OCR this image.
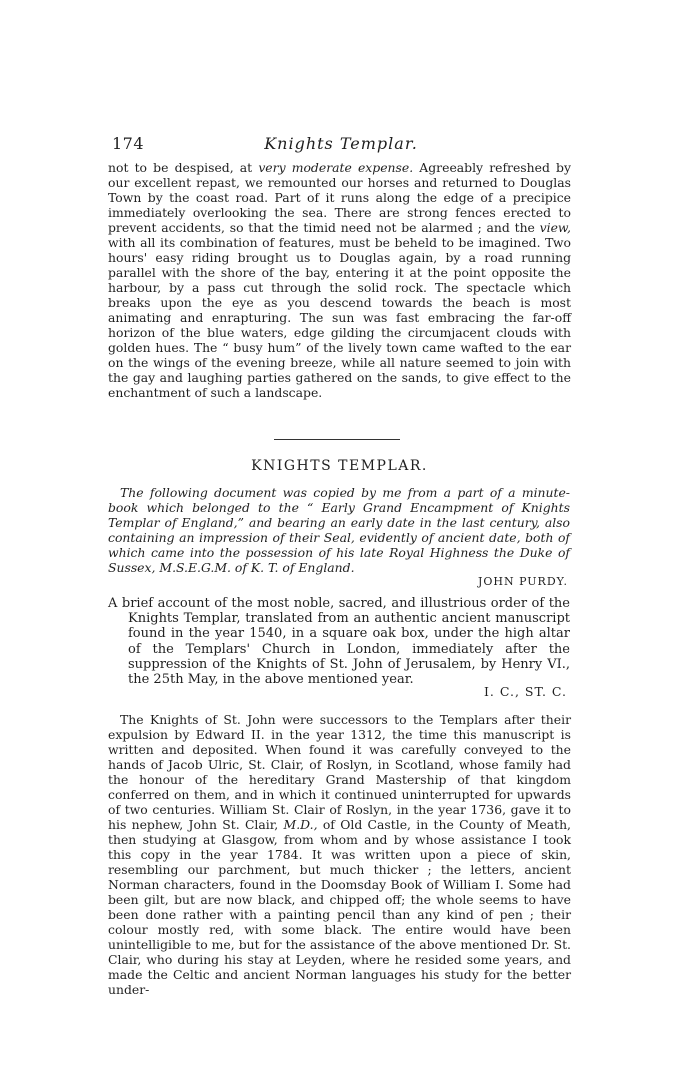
174	Knights Templar.

not to be despised, at very moderate expense. Agreeably refreshed by our excellent repast, we remounted our horses and returned to Douglas Town by the coast road. Part of it runs along the edge of a precipice immediately overlooking the sea. There are strong fences erected to prevent accidents, so that the timid need not be alarmed ; and the view, with all its combination of features, must be beheld to be imagined. Two hours' easy riding brought us to Douglas again, by a road running parallel with the shore of the bay, entering it at the point opposite the harbour, by a pass cut through the solid rock. The spectacle which breaks upon the eye as you descend towards the beach is most animating and enrapturing. The sun was fast embracing the far-off horizon of the blue waters, edge gilding the circumjacent clouds with golden hues. The “ busy hum” of the lively town came wafted to the ear on the wings of the evening breeze, while all nature seemed to join with the gay and laughing parties gathered on the sands, to give effect to the enchantment of such a landscape.

KNIGHTS TEMPLAR.

The following document was copied by me from a part of a minute-book which belonged to the “ Early Grand Encampment of Knights Templar of England,” and bearing an early date in the last century, also containing an impression of their Seal, evidently of ancient date, both of which came into the possession of his late Royal Highness the Duke of Sussex, M.S.E.G.M. of K. T. of England.

JOHN PURDY.

A brief account of the most noble, sacred, and illustrious order of the Knights Templar, translated from an authentic ancient manuscript found in the year 1540, in a square oak box, under the high altar of the Templars' Church in London, immediately after the suppression of the Knights of St. John of Jerusalem, by Henry VI., the 25th May, in the above mentioned year.

I. C., ST. C.

The Knights of St. John were successors to the Templars after their expulsion by Edward II. in the year 1312, the time this manuscript is written and deposited. When found it was carefully conveyed to the hands of Jacob Ulric, St. Clair, of Roslyn, in Scotland, whose family had the honour of the hereditary Grand Mastership of that kingdom conferred on them, and in which it continued uninterrupted for upwards of two centuries. William St. Clair of Roslyn, in the year 1736, gave it to his nephew, John St. Clair, M.D., of Old Castle, in the County of Meath, then studying at Glasgow, from whom and by whose assistance I took this copy in the year 1784. It was written upon a piece of skin, resembling our parchment, but much thicker ; the letters, ancient Norman characters, found in the Doomsday Book of William I. Some had been gilt, but are now black, and chipped off; the whole seems to have been done rather with a painting pencil than any kind of pen ; their colour mostly red, with some black. The entire would have been unintelligible to me, but for the assistance of the above mentioned Dr. St. Clair, who during his stay at Leyden, where he resided some years, and made the Celtic and ancient Norman languages his study for the better under-
